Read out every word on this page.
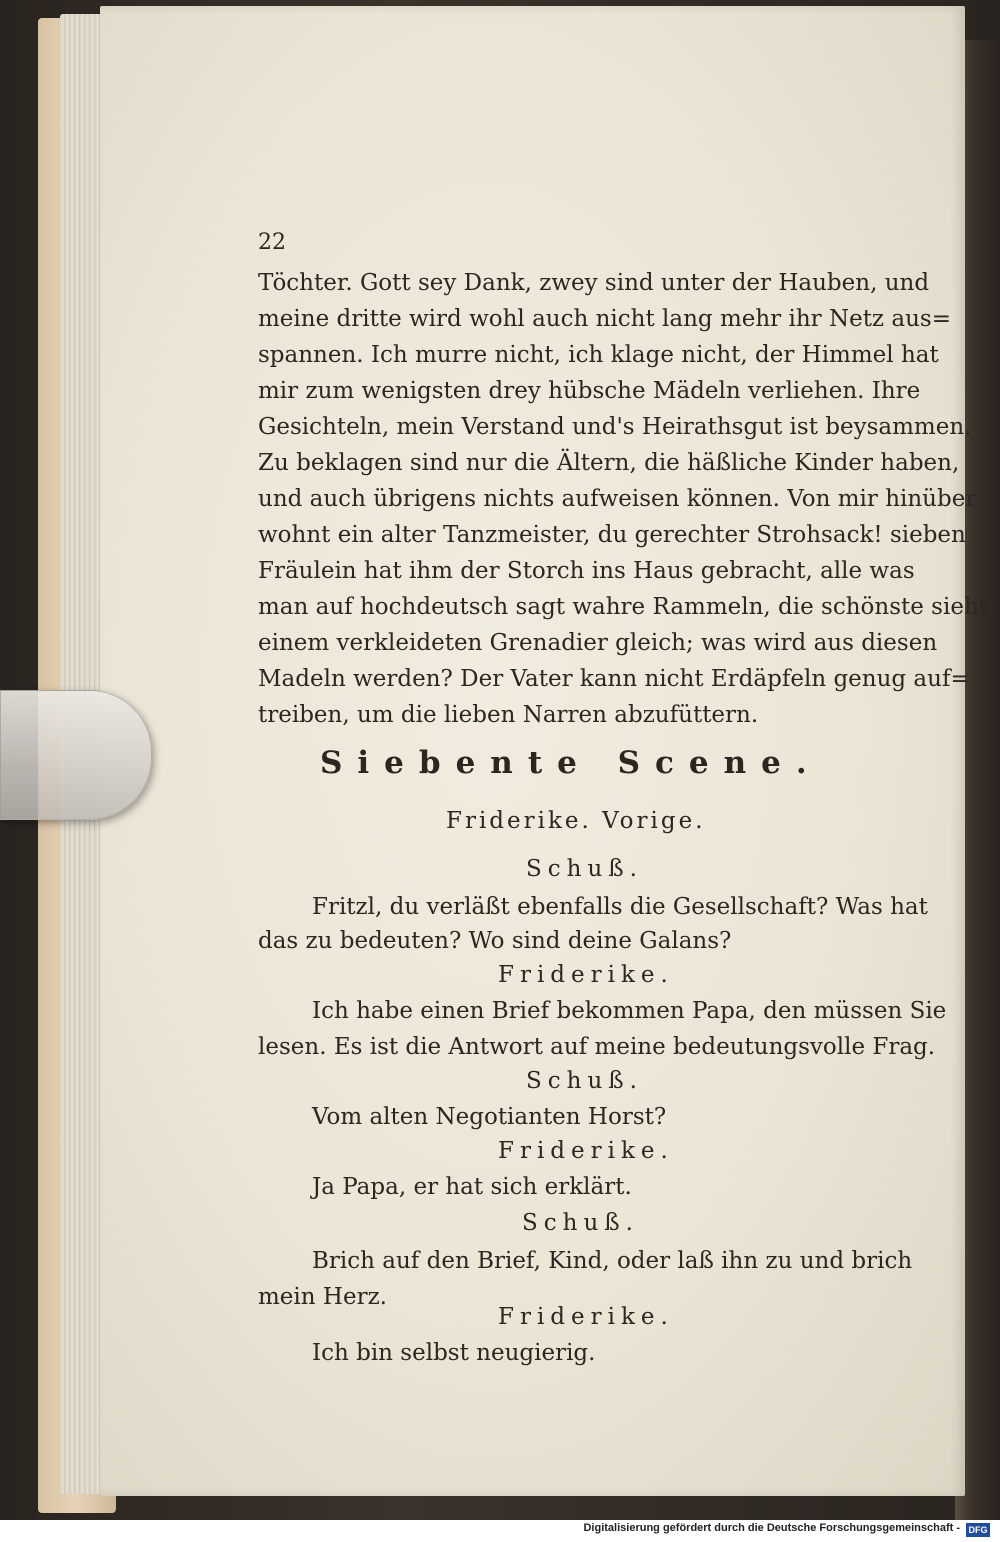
22
Töchter. Gott sey Dank, zwey sind unter der Hauben, und
meine dritte wird wohl auch nicht lang mehr ihr Netz aus=
spannen. Ich murre nicht, ich klage nicht, der Himmel hat
mir zum wenigsten drey hübsche Mädeln verliehen. Ihre
Gesichteln, mein Verstand und's Heirathsgut ist beysammen.
Zu beklagen sind nur die Ältern, die häßliche Kinder haben,
und auch übrigens nichts aufweisen können. Von mir hinüber
wohnt ein alter Tanzmeister, du gerechter Strohsack! sieben
Fräulein hat ihm der Storch ins Haus gebracht, alle was
man auf hochdeutsch sagt wahre Rammeln, die schönste sieht
einem verkleideten Grenadier gleich; was wird aus diesen
Madeln werden? Der Vater kann nicht Erdäpfeln genug auf=
treiben, um die lieben Narren abzufüttern.
Siebente Scene.
Friderike. Vorige.
Schuß.
Fritzl, du verläßt ebenfalls die Gesellschaft? Was hat
das zu bedeuten? Wo sind deine Galans?
Friderike.
Ich habe einen Brief bekommen Papa, den müssen Sie
lesen. Es ist die Antwort auf meine bedeutungsvolle Frag.
Schuß.
Vom alten Negotianten Horst?
Friderike.
Ja Papa, er hat sich erklärt.
Schuß.
Brich auf den Brief, Kind, oder laß ihn zu und brich
mein Herz.
Friderike.
Ich bin selbst neugierig.
Digitalisierung gefördert durch die Deutsche Forschungsgemeinschaft - DFG
